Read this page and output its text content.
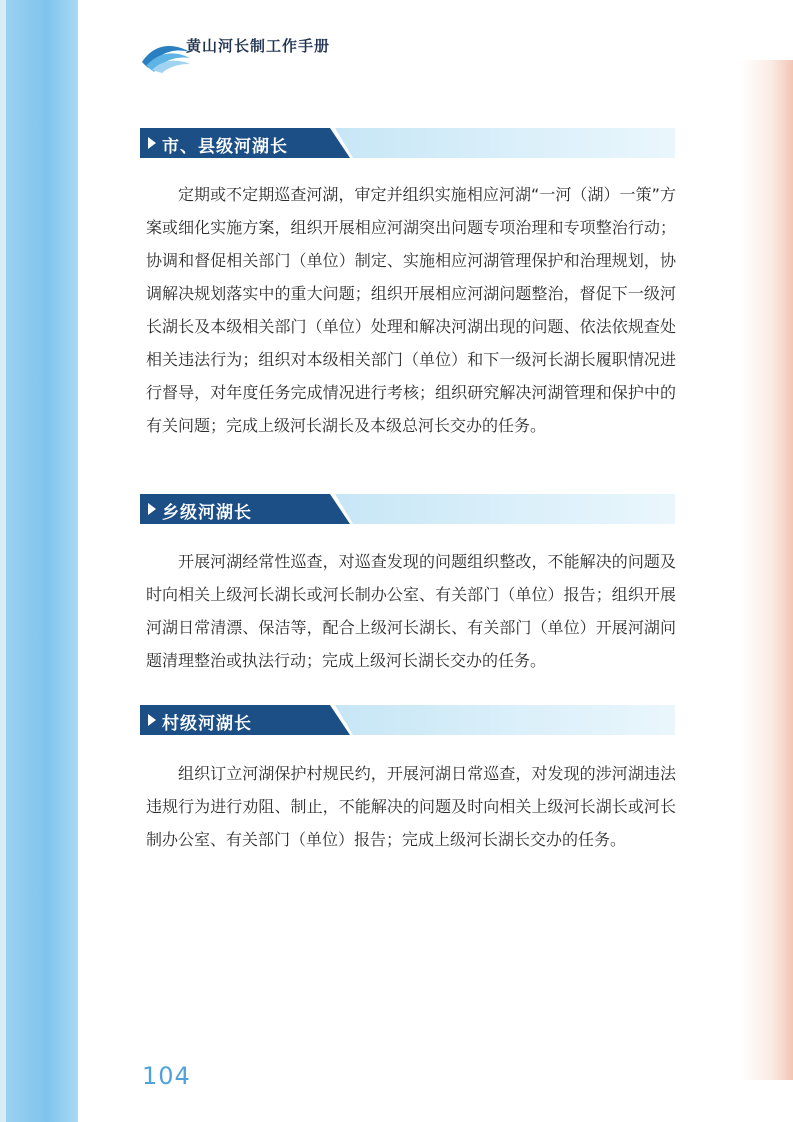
黄山河长制工作手册
市、县级河湖长

定期或不定期巡查河湖，审定并组织实施相应河湖“一河（湖）一策”方案或细化实施方案，组织开展相应河湖突出问题专项治理和专项整治行动；协调和督促相关部门（单位）制定、实施相应河湖管理保护和治理规划，协调解决规划落实中的重大问题；组织开展相应河湖问题整治，督促下一级河长湖长及本级相关部门（单位）处理和解决河湖出现的问题、依法依规查处相关违法行为；组织对本级相关部门（单位）和下一级河长湖长履职情况进行督导，对年度任务完成情况进行考核；组织研究解决河湖管理和保护中的有关问题；完成上级河长湖长及本级总河长交办的任务。

乡级河湖长

开展河湖经常性巡查，对巡查发现的问题组织整改，不能解决的问题及时向相关上级河长湖长或河长制办公室、有关部门（单位）报告；组织开展河湖日常清漂、保洁等，配合上级河长湖长、有关部门（单位）开展河湖问题清理整治或执法行动；完成上级河长湖长交办的任务。

村级河湖长

组织订立河湖保护村规民约，开展河湖日常巡查，对发现的涉河湖违法违规行为进行劝阻、制止，不能解决的问题及时向相关上级河长湖长或河长制办公室、有关部门（单位）报告；完成上级河长湖长交办的任务。

104
